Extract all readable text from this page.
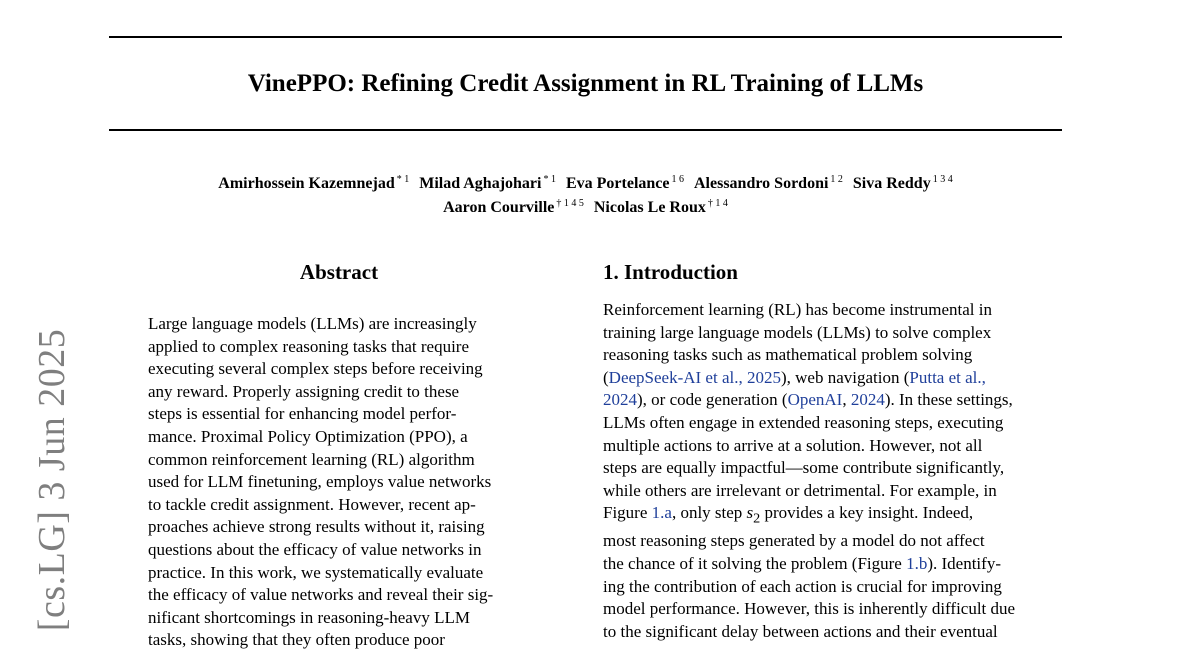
VinePPO: Refining Credit Assignment in RL Training of LLMs
Amirhossein Kazemnejad $^{* 1}$ Milad Aghajohari $^{* 1}$ Eva Portelance $^{1 6}$ Alessandro Sordoni $^{1 2}$ Siva Reddy $^{1 3 4}$
Aaron Courville $^{\dagger 1 4 5}$ Nicolas Le Roux $^{\dagger 1 4}$
[cs.LG] 3 Jun 2025
Abstract
Large language models (LLMs) are increasingly
applied to complex reasoning tasks that require
executing several complex steps before receiving
any reward. Properly assigning credit to these
steps is essential for enhancing model perfor-
mance. Proximal Policy Optimization (PPO), a
common reinforcement learning (RL) algorithm
used for LLM finetuning, employs value networks
to tackle credit assignment. However, recent ap-
proaches achieve strong results without it, raising
questions about the efficacy of value networks in
practice. In this work, we systematically evaluate
the efficacy of value networks and reveal their sig-
nificant shortcomings in reasoning-heavy LLM
tasks, showing that they often produce poor
1. Introduction
Reinforcement learning (RL) has become instrumental in
training large language models (LLMs) to solve complex
reasoning tasks such as mathematical problem solving
(DeepSeek-AI et al., 2025), web navigation (Putta et al.,
2024), or code generation (OpenAI, 2024). In these settings,
LLMs often engage in extended reasoning steps, executing
multiple actions to arrive at a solution. However, not all
steps are equally impactful—some contribute significantly,
while others are irrelevant or detrimental. For example, in
Figure 1.a, only step $s_2$ provides a key insight. Indeed,
most reasoning steps generated by a model do not affect
the chance of it solving the problem (Figure 1.b). Identify-
ing the contribution of each action is crucial for improving
model performance. However, this is inherently difficult due
to the significant delay between actions and their eventual
